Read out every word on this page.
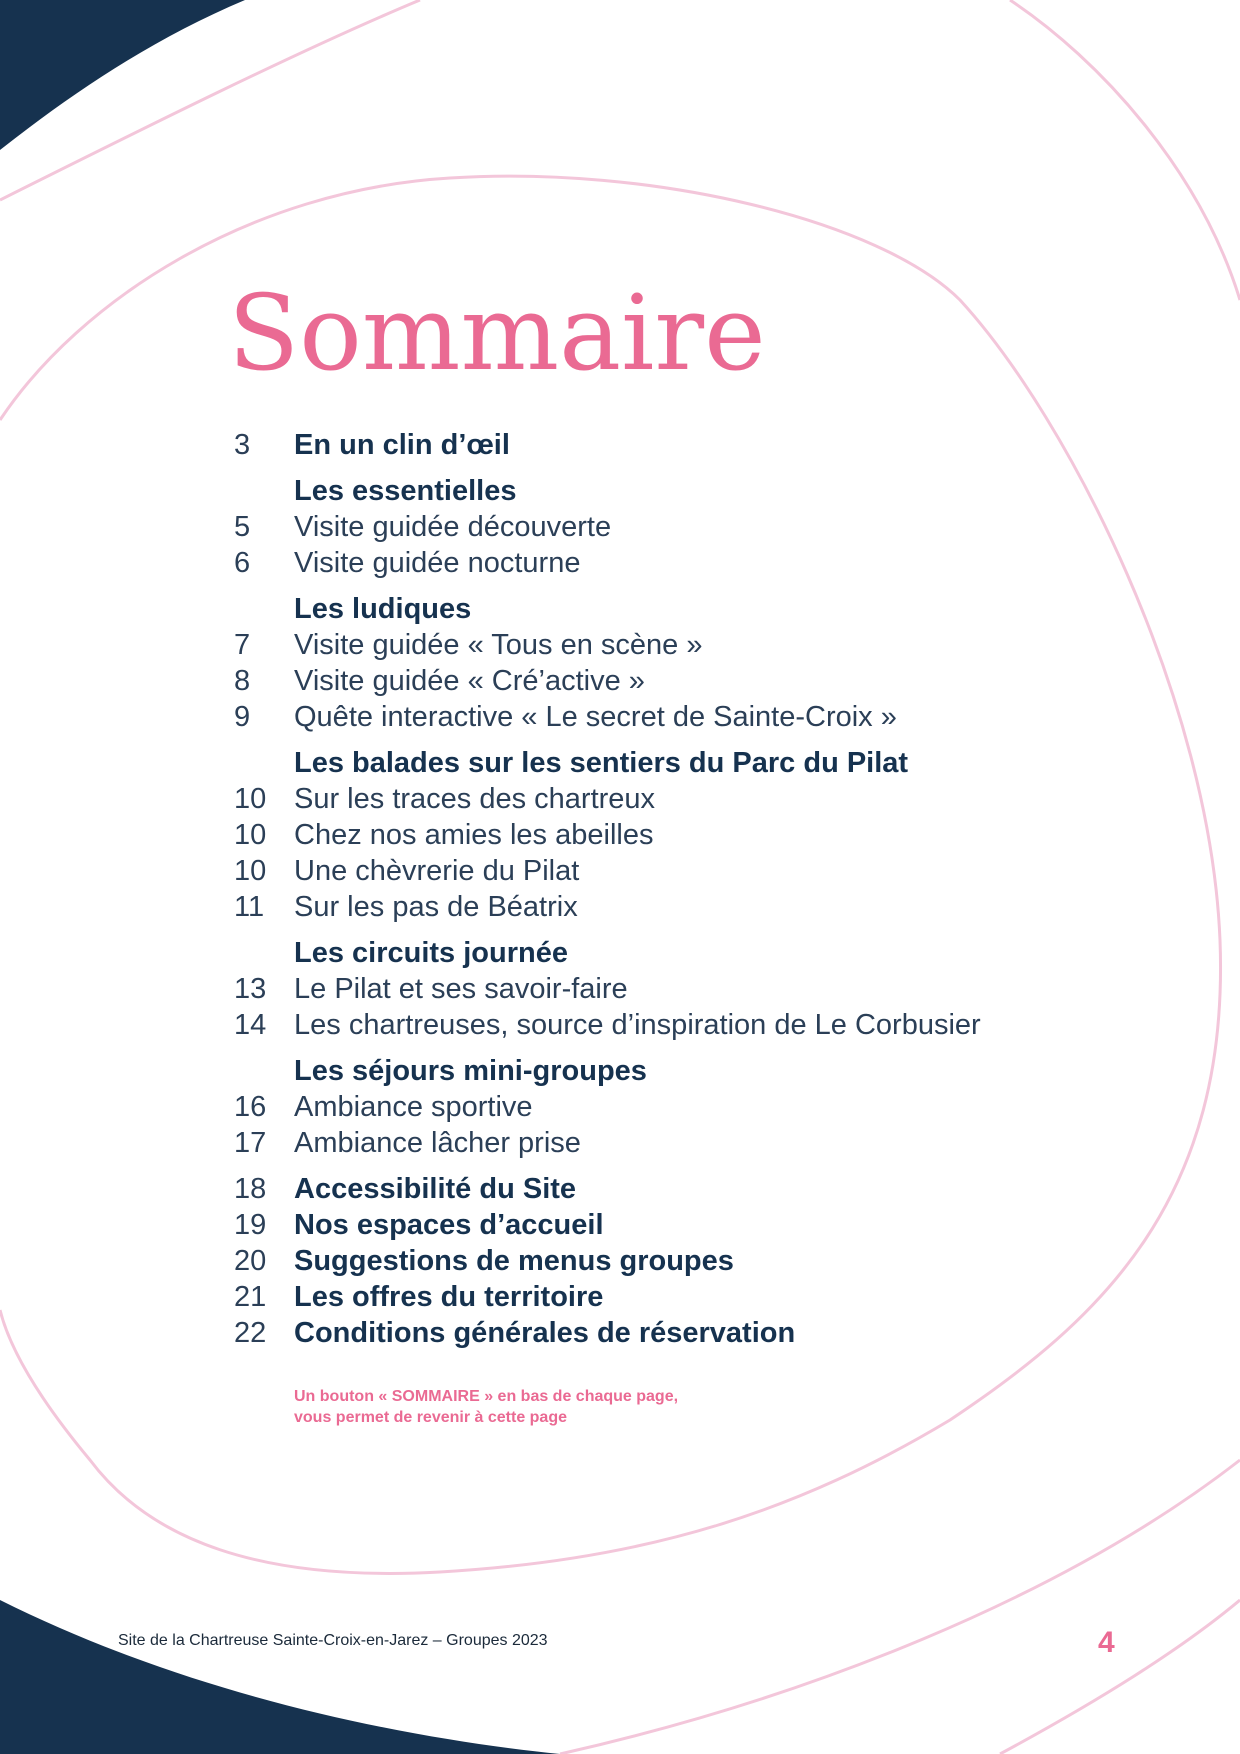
Sommaire
3	En un clin d’œil
Les essentielles
5	Visite guidée découverte
6	Visite guidée nocturne
Les ludiques
7	Visite guidée « Tous en scène »
8	Visite guidée « Cré’active »
9	Quête interactive « Le secret de Sainte-Croix »
Les balades sur les sentiers du Parc du Pilat
10 Sur les traces des chartreux
10 Chez nos amies les abeilles
10 Une chèvrerie du Pilat
11	Sur les pas de Béatrix
Les circuits journée
13 Le Pilat et ses savoir-faire
14 Les chartreuses, source d’inspiration de Le Corbusier
Les séjours mini-groupes
16 Ambiance sportive
17 Ambiance lâcher prise
18 Accessibilité du Site
19 Nos espaces d’accueil
20 Suggestions de menus groupes
21 Les offres du territoire
22 Conditions générales de réservation
Un bouton « SOMMAIRE » en bas de chaque page,
vous permet de revenir à cette page
Site de la Chartreuse Sainte-Croix-en-Jarez – Groupes 2023	4
